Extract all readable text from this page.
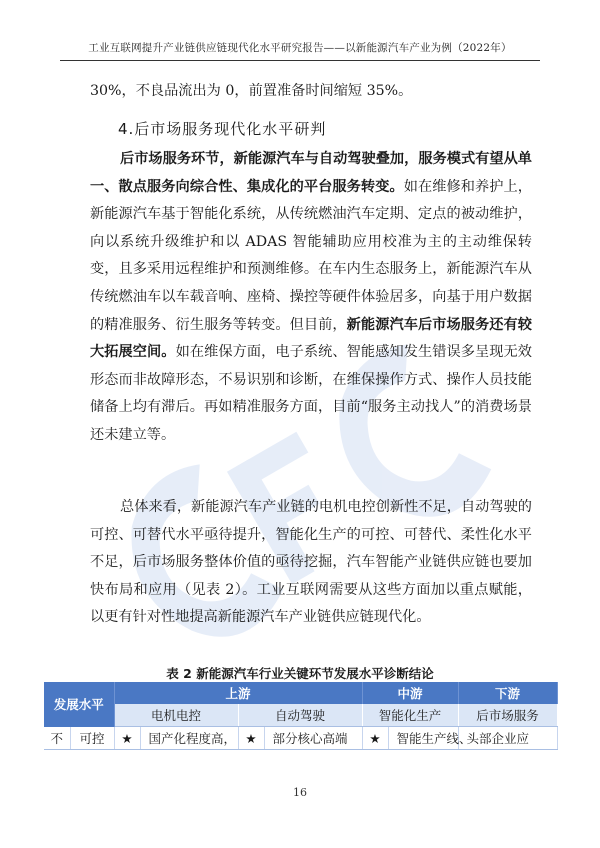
工业互联网提升产业链供应链现代化水平研究报告——以新能源汽车产业为例（2022年）
30%，不良品流出为 0，前置准备时间缩短 35%。
4.后市场服务现代化水平研判
后市场服务环节，新能源汽车与自动驾驶叠加，服务模式有望从单一、散点服务向综合性、集成化的平台服务转变。如在维修和养护上，新能源汽车基于智能化系统，从传统燃油汽车定期、定点的被动维护，向以系统升级维护和以 ADAS 智能辅助应用校准为主的主动维保转变，且多采用远程维护和预测维修。在车内生态服务上，新能源汽车从传统燃油车以车载音响、座椅、操控等硬件体验居多，向基于用户数据的精准服务、衍生服务等转变。但目前，新能源汽车后市场服务还有较大拓展空间。如在维保方面，电子系统、智能感知发生错误多呈现无效形态而非故障形态，不易识别和诊断，在维保操作方式、操作人员技能储备上均有滞后。再如精准服务方面，目前“服务主动找人”的消费场景还未建立等。
总体来看，新能源汽车产业链的电机电控创新性不足，自动驾驶的可控、可替代水平亟待提升，智能化生产的可控、可替代、柔性化水平不足，后市场服务整体价值的亟待挖掘，汽车智能产业链供应链也要加快布局和应用（见表 2）。工业互联网需要从这些方面加以重点赋能，以更有针对性地提高新能源汽车产业链供应链现代化。
表 2 新能源汽车行业关键环节发展水平诊断结论
发展水平		上游				中游		下游
		电机电控		自动驾驶		智能化生产		后市场服务
不	可控	★	国产化程度高，	★	部分核心高端	★	智能生产线、	头部企业应
16
